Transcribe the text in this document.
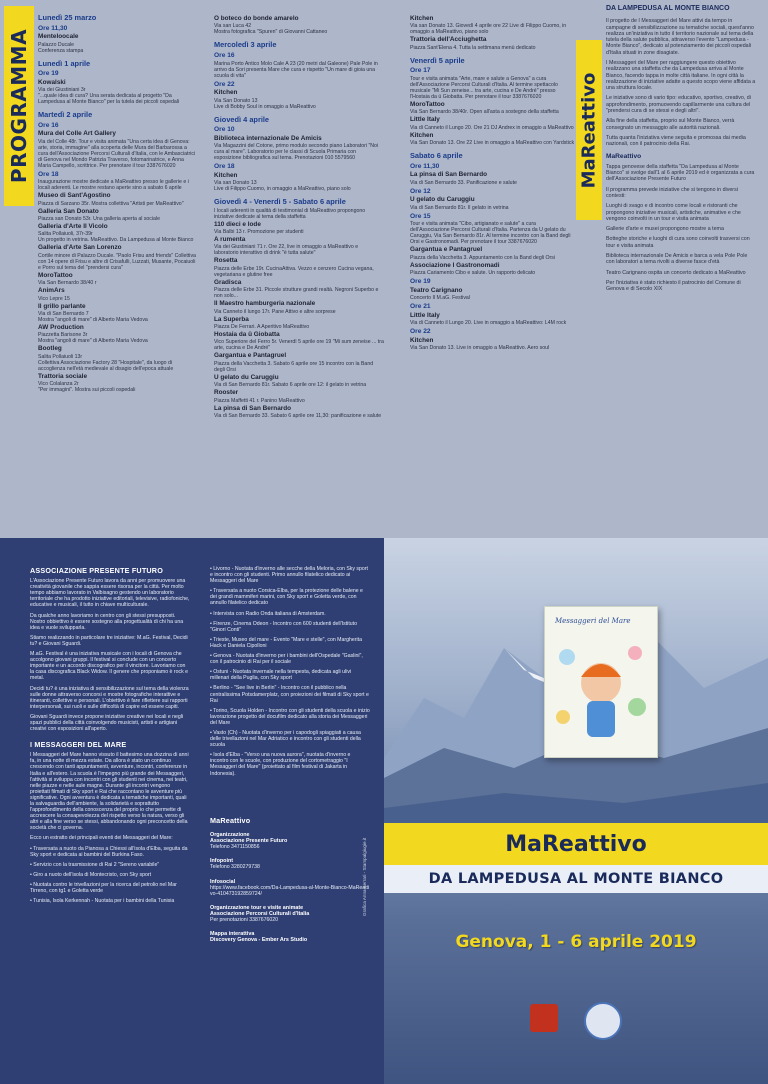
PROGRAMMA	MaReattivo
Lunedì 25 marzo
Ore 11,30
Menteloocale
Palazzo Ducale
Conferenza stampa
Lunedì 1 aprile
Ore 19
Kowalski
Via dei Giustiniani 3r
"...quale idea di cura? Una serata dedicata al progetto "Da Lampedusa al Monte Bianco" per la tutela dei piccoli ospedali
Martedì 2 aprile
Ore 16
Mura del Colle Art Gallery
Via del Colle 48r. Tour e visita animata "Una certa idea di Genova: arte, storia, immagine" alla scoperta delle Mura del Barbarossa a cura dell'Associazione Percorsi Culturali d'Italia, con le Ambasciatrici di Genova nel Mondo Patrizia Traverso, fotomarinatrice, e Anna Maria Campello, scrittrice. Per prenotare il tour 3387676020
Ore 18
Inaugurazione mostre dedicate a MaReattivo presso le gallerie e i locali aderenti. Le mostre restano aperte sino a sabato 6 aprile
Museo di Sant'Agostino
Piazza di Sarzano 35r. Mostra collettiva "Artisti per MaReattivo"
Galleria San Donato
Piazza san Donato 53r. Una galleria aperta al sociale
Galleria d'Arte Il Vicolo
Salita Pollaiuoli, 37r-39r
Un progetto in vetrina. MaReattivo. Da Lampedusa al Monte Bianco
Galleria d'Arte San Lorenzo
Cortile minore di Palazzo Ducale. "Paolo Frisu and friends" Collettiva con 14 opere di Frisu e altre di Crisafulli, Luzzati, Musante, Pocaiuoli e Porro sul tema del "prendersi cura"
MoroTattoo
Via San Bernardo 38/40 r
AnimArs
Vico Lepre 15
Il grillo parlante
Via di San Bernardo 7
Mostra "angoli di mare" di Alberto Maria Vedova
AW Production
Piazzetta Barisone 3r
Mostra "angoli di mare" di Alberto Maria Vedova
Bootleg
Salita Pollaiuoli 13r
Collettiva Associazione Factory 28 "Hospitale", da luogo di accoglienza nell'età medievale al disagio dell'epoca attuale
Trattoria sociale
Vico Colalanza 2r
"Per immagini". Mostra sui piccoli ospedali
O boteco do bonde amarelo
Via san Luca 42
Mostra fotografica "Spuren" di Giovanni Cattaneo
Mercoledì 3 aprile
Ore 16
Marina Porto Antico Molo Cale A 23 (20 metri dal Galeone) Pale Pole in arrivo da Sori presenta Mare che cura e rispetto "Un mare di gioia una scuola di vita"
Ore 22
Kitchen
Via San Donato 13
Live di Bobby Soul in omaggio a MaReattivo
Giovedì 4 aprile
Ore 10
Biblioteca internazionale De Amicis
Via Magazzini del Cotone, primo modulo secondo piano Laboratori "Noi cura al mare". Laboratorio per le classi di Scuola Primaria con esposizione bibliografica sul tema. Prenotazioni 010 5579560
Ore 18
Kitchen
Via san Donato 13
Live di Filippo Cuomo, in omaggio a MaReattivo, piano solo
Giovedì 4 - Venerdì 5 - Sabato 6 aprile
I locali aderenti in qualità di testimonial di MaReattivo propongono iniziative dedicate al tema della staffetta
110 dieci e lode
Via Balbi 13 r. Promozione per studenti
A rumenta
Via dei Giustiniani 71 r. Ore 22, live in omaggio a MaReattivo e laboratorio interattivo di drink "è tutta salute"
Rosetta
Piazza delle Erbe 19r. CucinaAttiva. Vezzo e cenzero Cucina vegana, vegetariana e glutine free
Gradisca
Piazza delle Erbe 31. Piccole strutture grandi realtà. Negroni Superbo e non solo...
Il Maestro hamburgeria nazionale
Via Canneto il lungo 17r. Pane Attivo e altre sorprese
La Superba
Piazza De Ferrari. A Aperitivo MaReattivo
Hostaia da ü Giobatta
Vico Superiore del Ferro 5r. Venerdì 5 aprile ore 19 "Mi sum zeneise ... tra arte, cucina e De André"
Gargantua e Pantagruel
Piazza della Vacchetta 3. Sabato 6 aprile ore 15 incontro con la Band degli Orsi
U gelato du Caruggiu
Via di San Bernardo 81r. Sabato 6 aprile ore 12: il gelato in vetrina
Rooster
Piazza Maffetti 41 r. Panino MaReattivo
La pinsa di San Bernardo
Via di San Bernardo 33. Sabato 6 aprile ore 11,30: panificazione e salute
Kitchen
Via san Donato 13. Giovedì 4 aprile ore 22 Live di Filippo Cuomo, in omaggio a MaReattivo, piano solo
Trattoria dell'Acciughetta
Piazza Sant'Elena 4. Tutta la settimana menù dedicato
Venerdì 5 aprile
Ore 17
Tour e visita animata "Arte, mare e salute a Genova" a cura dell'Associazione Percorsi Culturali d'Italia. Al termine spettacolo musicale "Mi Sun zeneise... tra arte, cucina e De André" presso l'Hostaia da ü Giobatta. Per prenotare il tour 3387676020
MoroTattoo
Via San Bernardo 38/40r. Open all'asta a sostegno della staffetta
Little Italy
Via di Canneto il Lungo 20. Ore 21 DJ Andrex in omaggio a MaReattivo
Kitchen
Via San Donato 13. Ore 22 Live in omaggio a MaReattivo con Yardstick
Sabato 6 aprile
Ore 11,30
La pinsa di San Bernardo
Via di San Bernardo 33. Panificazione e salute
Ore 12
U gelato du Caruggiu
Via di San Bernardo 81r. Il gelato in vetrina
Ore 15
Tour e visita animata "Cibo, artigianato e salute" a cura dell'Associazione Percorsi Culturali d'Italia. Partenza da U gelato du Caruggiu, Via San Bernardo 81r. Al termine incontro con la Band degli Orsi e Gastronomadi. Per prenotare il tour 3387676020
Gargantua e Pantagruel
Piazza della Vacchetta 3. Appuntamento con la Band degli Orsi
Associazione I Gastronomadi
Piazza Cariamento Cibo e salute. Un rapporto delicato
Ore 19
Teatro Carignano
Concerto Il M.aG. Festival
Ore 21
Little Italy
Via di Canneto il Lungo 20. Live in omaggio a MaReattivo: L4M rock
Ore 22
Kitchen
Via San Donato 13. Live in omaggio a MaReattivo. Aero soul
DA LAMPEDUSA AL MONTE BIANCO
Il progetto de I Messaggeri del Mare attivi da tempo in campagne di sensibilizzazione su tematiche sociali, quest'anno realizza un'iniziativa in tutto il territorio nazionale sul tema della tutela della salute pubblica, attraverso l'evento "Lampedusa - Monte Bianco", dedicato al potenziamento dei piccoli ospedali d'Italia situati in zone disagiate.
I Messaggeri del Mare per raggiungere questo obiettivo realizzano una staffetta che da Lampedusa arriva al Monte Bianco, facendo tappa in molte città italiane. In ogni città la realizzazione di iniziative adatte a questo scopo viene affidata a una struttura locale.
Le iniziative sono di vario tipo: educativo, sportivo, creativo, di approfondimento, promuovendo capillarmente una cultura del "prendersi cura di se stessi e degli altri".
Alla fine della staffetta, proprio sul Monte Bianco, verrà consegnato un messaggio alle autorità nazionali.
Tutta quanta l'iniziativa viene seguita e promossa dai media nazionali, con il patrocinio della Rai.
MaReattivo
Tappa genovese della staffetta "Da Lampedusa al Monte Bianco" si svolge dall'1 al 6 aprile 2019 ed è organizzata a cura dell'Associazione Presente Futuro
Il programma prevede iniziative che si tengono in diversi contesti:
Luoghi di svago e di incontro come locali e ristoranti che propongono iniziative musicali, artistiche, animative e che vengono coinvolti in un tour e visita animata
Gallerie d'arte e musei propongono mostre a tema
Botteghe storiche e luoghi di cura sono coinvolti trasversi con tour e visita animata
Biblioteca internazionale De Amicis e barca a vela Pole Pole con laboratori a tema rivolti a diverse fasce d'età
Teatro Carignano ospita un concerto dedicato a MaReattivo
Per l'iniziativa è stato richiesto il patrocinio del Comune di Genova e di Secolo XIX
ASSOCIAZIONE PRESENTE FUTURO
L'Associazione Presente Futuro lavora da anni per promuovere una creatività giovanile che sappia essere risorsa per la città. Per molto tempo abbiamo lavorato in Valbisagno gestendo un laboratorio territoriale che ha prodotto iniziative editoriali, televisive, radiofoniche, educative e musicali, il tutto in chiave multiculturale.
Da qualche anno lavoriamo in centro con gli stessi presupposti. Nostro obbiettivo è essere sostegno alla progettualità di chi ha una idea e vuole svilupparla.
Stiamo realizzando in particolare tre iniziative: M.aG. Festival, Decidi tu? e Giovani Sguardi.
M.aG. Festival è una iniziativa musicale con i locali di Genova che accolgono giovani gruppi. Il festival si conclude con un concerto importante e un accordo discografico per il vincitore. Lavoriamo con la casa discografica Black Widow. Il genere che proponiamo è rock e metal.
Decidi tu? è una iniziativa di sensibilizzazione sul tema della violenza sulle donne attraverso concorsi e mostre fotografiche interattive e itineranti, collettive e personali. L'obiettivo è fare riflettere sui rapporti interpersonali, sui ruoli e sulle difficoltà di capire ed essere capiti.
Giovani Sguardi invece propone iniziative creative nei locali e negli spazi pubblici della città coinvolgendo musicisti, artisti e artigiani creativi con esposizioni all'aperto.
I MESSAGGERI DEL MARE
I Messaggeri del Mare hanno vissuto il battesimo una dozzina di anni fa, in una notte di mezza estate. Da allora è stato un continuo crescendo con tanti appuntamenti, avventure, incontri, conferenze in Italia e all'estero. La scuola è l'impegno più grande dei Messaggeri, l'attività si sviluppa con incontri con gli studenti nei cinema, nei teatri, nelle piazze e nelle aule magne. Durante gli incontri vengono proiettati filmati di Sky sport e Rai che raccontano le avventure più significative. Ogni avventura è dedicata a tematiche importanti, quali la salvaguardia dell'ambiente, la solidarietà e soprattutto l'approfondimento della conoscenza del proprio io che permette di accrescere la consapevolezza del rispetto verso la natura, verso gli altri e alla fine verso se stessi, abbandonando ogni preconcetto della società che ci governa.
Ecco un estratto dei principali eventi dei Messaggeri del Mare:
• Traversata a nuoto da Pianosa a Chiessi all'isola d'Elba, seguita da Sky sport e dedicata ai bambini del Burkina Faso.
• Servizio con la trasmissione di Rai 2 "Sereno variabile"
• Giro a nuoto dell'isola di Montecristo, con Sky sport
• Nuotata contro le trivellazioni per la ricerca del petrolio nel Mar Tirreno, con tg1 e Goletta verde
• Tunisia, Isola Kerkennah - Nuotata per i bambini della Tunisia
• Livorno - Nuotata d'inverno alle secche della Meloria, con Sky sport e incontro con gli studenti. Primo annullo filatelico dedicato ai Messaggeri del Mare
• Traversata a nuoto Corsica-Elba, per la protezione delle balene e dei grandi mammiferi marini, con Sky sport e Goletta verde, con annullo filatelico dedicato
• Intervista con Radio Onda italiana di Amsterdam.
• Firenze, Cinema Odeon - Incontro con 600 studenti dell'Istituto "Ginori Conti"
• Trieste, Museo del mare - Evento "Mare e stelle", con Margherita Hack e Daniela Cipolloni
• Genova - Nuotata d'inverno per i bambini dell'Ospedale "Gaslini", con il patrocinio di Rai per il sociale
• Ostuni - Nuotata invernale nella tempesta, dedicata agli ulivi millenari della Puglia, con Sky sport
• Berlino - "See live in Berlin" - Incontro con il pubblico nella centralissima Potsdamerplatz, con proiezioni dei filmati di Sky sport e Rai
• Torino, Scuola Holden - Incontro con gli studenti della scuola e inizio lavorazione progetto del docufilm dedicato alla storia dei Messaggeri del Mare
• Vasto (Ch) - Nuotata d'inverno per i capodogli spiaggiati a causa delle trivellazioni nel Mar Adriatico e incontro con gli studenti della scuola
• Isola d'Elba - "Verso una nuova aurora", nuotata d'inverno e incontro con le scuole, con produzione del cortometraggio "I Messaggeri del Mare" (proiettato al film festival di Jakarta in Indonesia).
MaReattivo
Organizzazione
Associazione Presente Futuro
Telefono 3471150856
Infopoint
Telefono 3280279738
Infosocial
https://www.facebook.com/Da-Lampedusa-al-Monte-Bianco-MaReattivo-410473192859724/
Organizzazione tour e visite animate
Associazione Percorsi Culturali d'Italia
Per prenotazioni 3387676020
Mappa interattiva
Discovery Genova - Ember Ars Studio
Grafica Anna Ferrari - Stampalgiugie.it
Messaggeri del Mare
MaReattivo
DA LAMPEDUSA AL MONTE BIANCO
Genova, 1 - 6 aprile 2019
